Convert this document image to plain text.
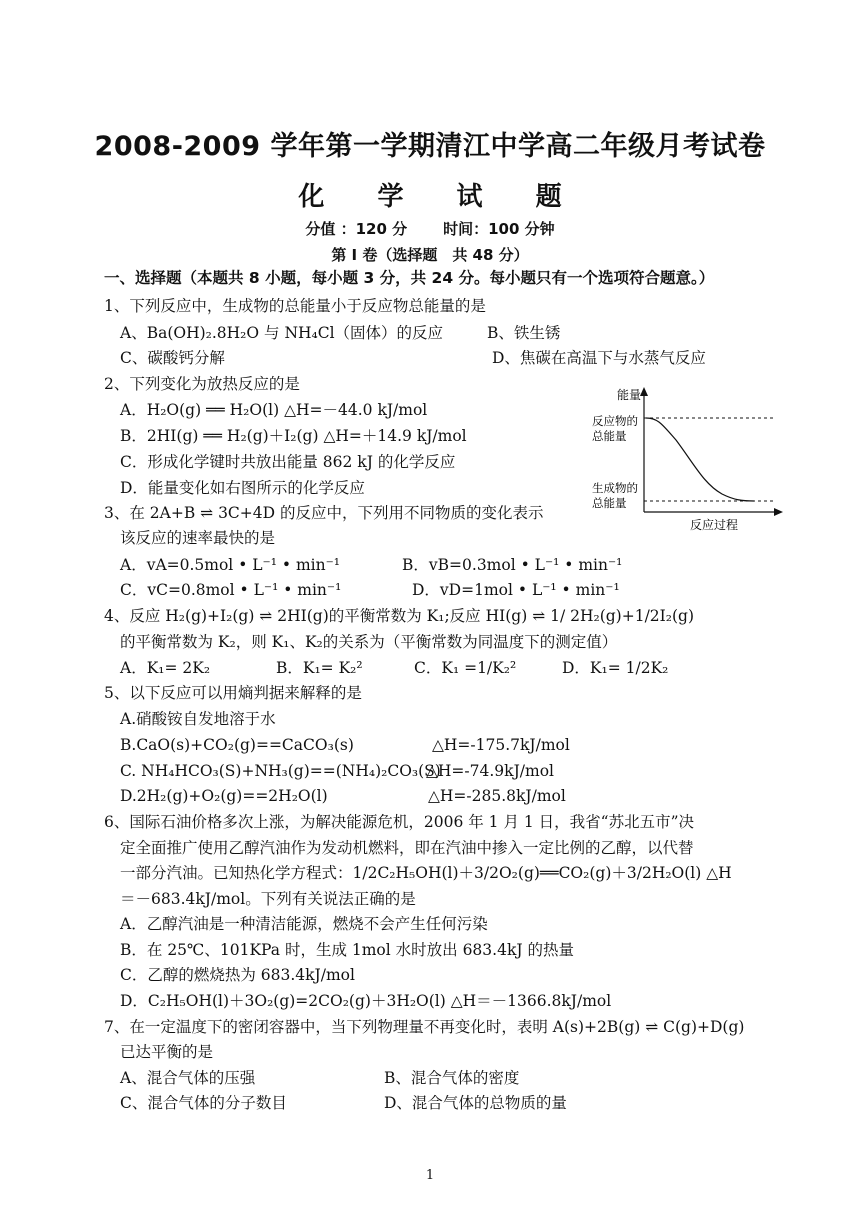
2008-2009 学年第一学期清江中学高二年级月考试卷
化 学 试 题
分值 ：120 分 时间：100 分钟
第 I 卷（选择题　共 48 分）
一、选择题（本题共 8 小题，每小题 3 分，共 24 分。每小题只有一个选项符合题意。）
1、下列反应中，生成物的总能量小于反应物总能量的是
A、Ba(OH)₂.8H₂O 与 NH₄Cl（固体）的反应	B、铁生锈
C、碳酸钙分解	D、焦碳在高温下与水蒸气反应
2、下列变化为放热反应的是
A．H₂O(g) ══ H₂O(l) △H=－44.0 kJ/mol
B．2HI(g) ══ H₂(g)＋I₂(g) △H=＋14.9 kJ/mol
C．形成化学键时共放出能量 862 kJ 的化学反应
D．能量变化如右图所示的化学反应
3、在 2A+B ⇌ 3C+4D 的反应中，下列用不同物质的变化表示
该反应的速率最快的是
A．vA=0.5mol • L⁻¹ • min⁻¹	B．vB=0.3mol • L⁻¹ • min⁻¹
C．vC=0.8mol • L⁻¹ • min⁻¹	D．vD=1mol • L⁻¹ • min⁻¹
4、反应 H₂(g)+I₂(g) ⇌ 2HI(g)的平衡常数为 K₁;反应 HI(g) ⇌ 1/ 2H₂(g)+1/2I₂(g)
的平衡常数为 K₂，则 K₁、K₂的关系为（平衡常数为同温度下的测定值）
A．K₁= 2K₂	B．K₁= K₂²	C．K₁ =1/K₂²	D．K₁= 1/2K₂
5、以下反应可以用熵判据来解释的是
A.硝酸铵自发地溶于水
B.CaO(s)+CO₂(g)==CaCO₃(s)	△H=-175.7kJ/mol
C. NH₄HCO₃(S)+NH₃(g)==(NH₄)₂CO₃(S)
△H=-74.9kJ/mol
D.2H₂(g)+O₂(g)==2H₂O(l)	△H=-285.8kJ/mol
6、国际石油价格多次上涨，为解决能源危机，2006 年 1 月 1 日，我省“苏北五市”决
定全面推广使用乙醇汽油作为发动机燃料，即在汽油中掺入一定比例的乙醇，以代替
一部分汽油。已知热化学方程式：1/2C₂H₅OH(l)＋3/2O₂(g)══CO₂(g)＋3/2H₂O(l) △H
＝－683.4kJ/mol。下列有关说法正确的是
A．乙醇汽油是一种清洁能源，燃烧不会产生任何污染
B．在 25℃、101KPa 时，生成 1mol 水时放出 683.4kJ 的热量
C．乙醇的燃烧热为 683.4kJ/mol
D．C₂H₅OH(l)＋3O₂(g)=2CO₂(g)＋3H₂O(l) △H＝－1366.8kJ/mol
7、在一定温度下的密闭容器中，当下列物理量不再变化时，表明 A(s)+2B(g) ⇌ C(g)+D(g)
已达平衡的是
A、混合气体的压强	B、混合气体的密度
C、混合气体的分子数目	D、混合气体的总物质的量
能量
反应物的
总能量
生成物的
总能量
反应过程
1
